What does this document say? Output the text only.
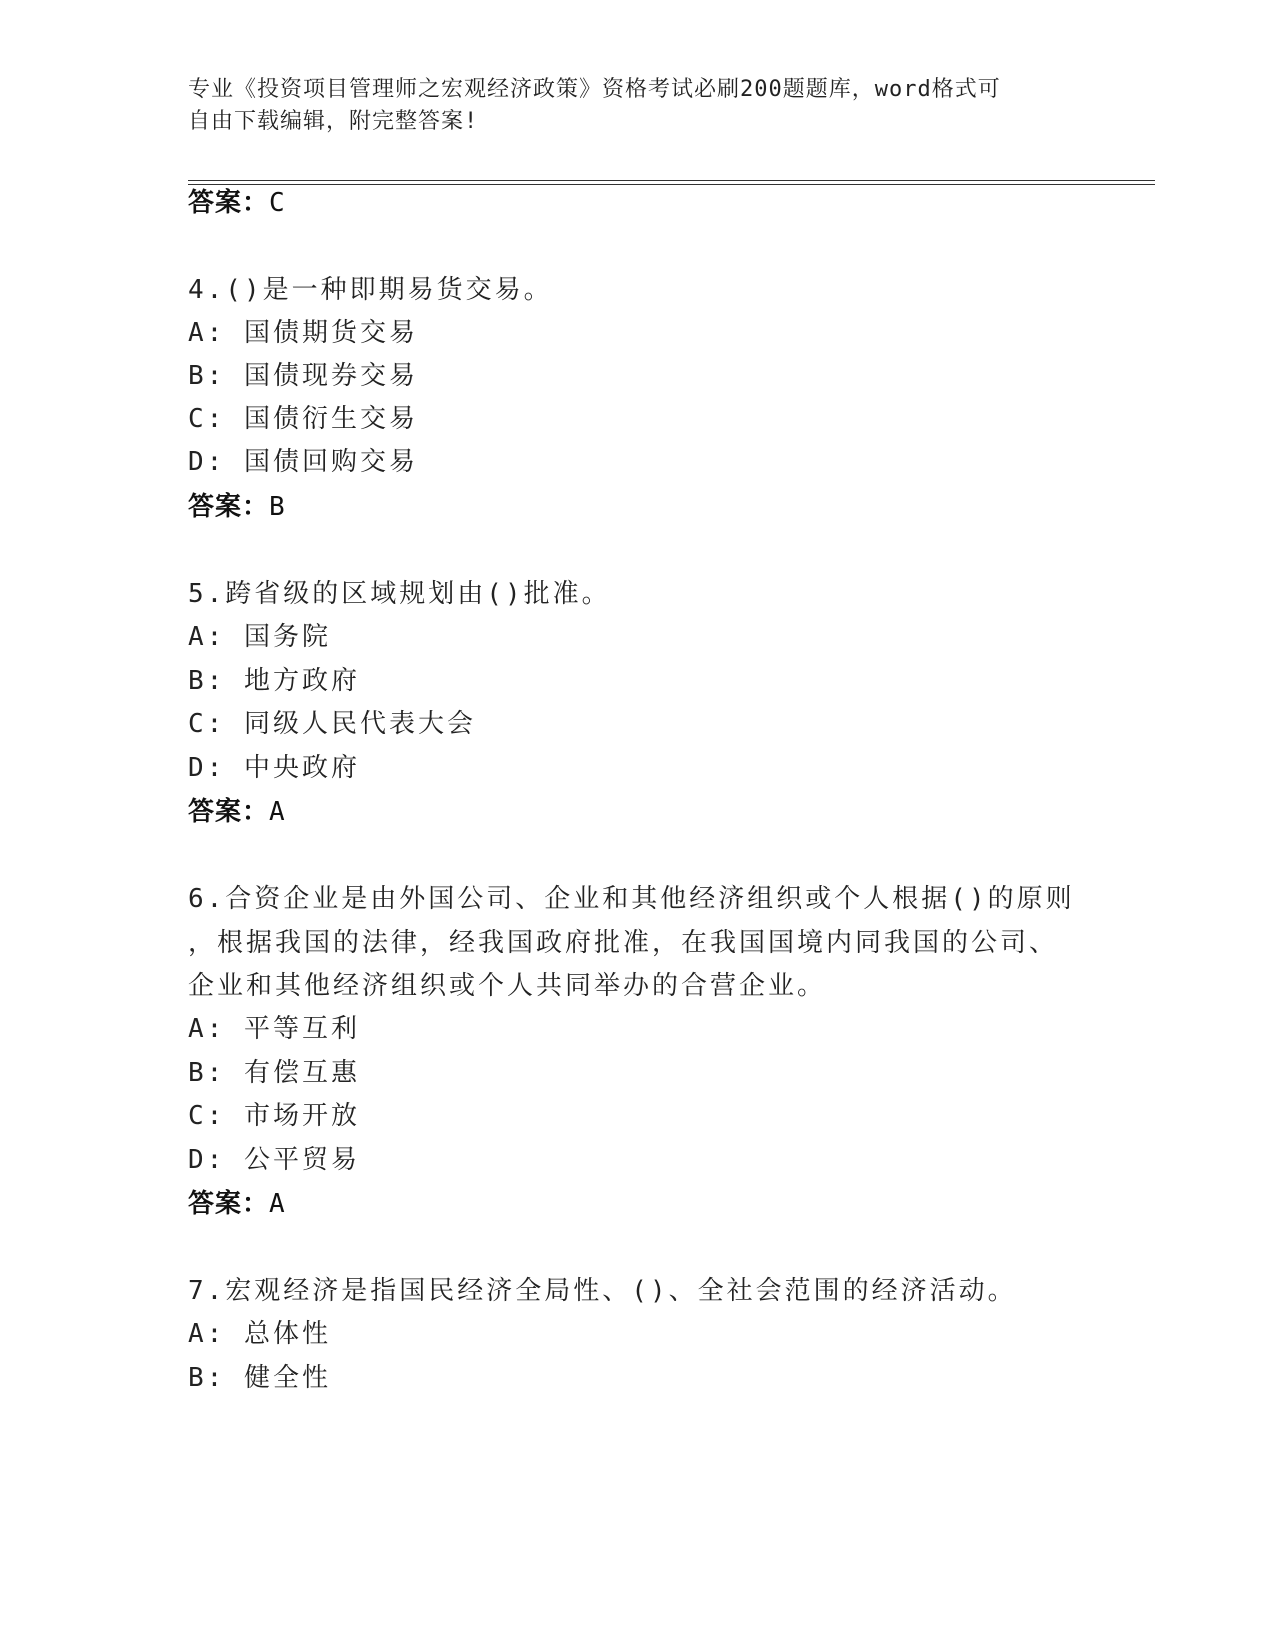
专业《投资项目管理师之宏观经济政策》资格考试必刷200题题库，word格式可
自由下载编辑，附完整答案!
答案：C
4.()是一种即期易货交易。
A: 国债期货交易
B: 国债现券交易
C: 国债衍生交易
D: 国债回购交易
答案：B
5.跨省级的区域规划由()批准。
A: 国务院
B: 地方政府
C: 同级人民代表大会
D: 中央政府
答案：A
6.合资企业是由外国公司、企业和其他经济组织或个人根据()的原则
，根据我国的法律，经我国政府批准，在我国国境内同我国的公司、
企业和其他经济组织或个人共同举办的合营企业。
A: 平等互利
B: 有偿互惠
C: 市场开放
D: 公平贸易
答案：A
7.宏观经济是指国民经济全局性、()、全社会范围的经济活动。
A: 总体性
B: 健全性
